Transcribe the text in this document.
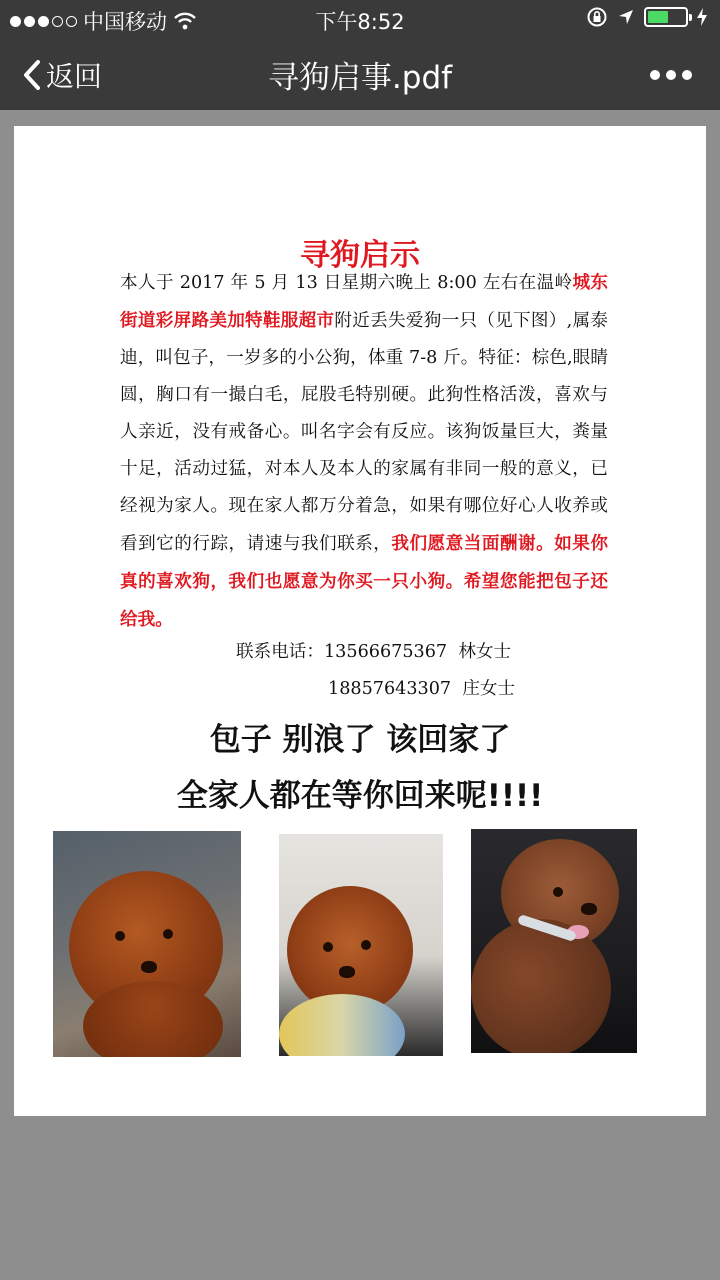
中国移动	下午8:52
返回	寻狗启事.pdf
寻狗启示
本人于 2017 年 5 月 13 日星期六晚上 8:00 左右在温岭城东街道彩屏路美加特鞋服超市附近丢失爱狗一只（见下图）,属泰迪，叫包子，一岁多的小公狗，体重 7-8 斤。特征：棕色,眼睛圆，胸口有一撮白毛，屁股毛特别硬。此狗性格活泼，喜欢与人亲近，没有戒备心。叫名字会有反应。该狗饭量巨大，粪量十足，活动过猛，对本人及本人的家属有非同一般的意义，已经视为家人。现在家人都万分着急，如果有哪位好心人收养或看到它的行踪，请速与我们联系，我们愿意当面酬谢。如果你真的喜欢狗，我们也愿意为你买一只小狗。希望您能把包子还给我。
联系电话：13566675367 林女士
18857643307 庄女士
包子 别浪了 该回家了
全家人都在等你回来呢!!!!
